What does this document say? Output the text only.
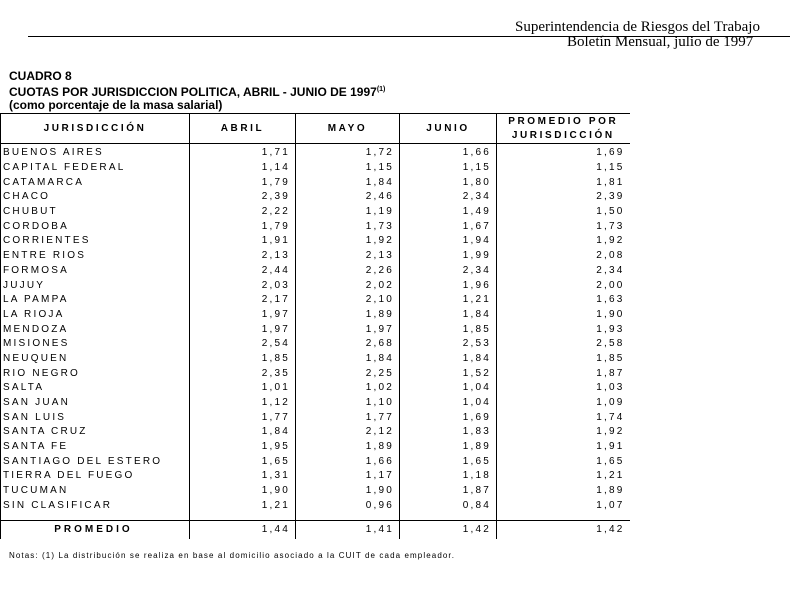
Superintendencia de Riesgos del Trabajo
Boletín Mensual, julio de 1997
CUADRO 8
CUOTAS POR JURISDICCION POLITICA, ABRIL - JUNIO DE 1997$^{(1)}$
(como porcentaje de la masa salarial)
JURISDICCIÓN	ABRIL	MAYO	JUNIO	PROMEDIO POR
JURISDICCIÓN
BUENOS AIRES	1,71	1,72	1,66	1,69
CAPITAL FEDERAL	1,14	1,15	1,15	1,15
CATAMARCA	1,79	1,84	1,80	1,81
CHACO	2,39	2,46	2,34	2,39
CHUBUT	2,22	1,19	1,49	1,50
CORDOBA	1,79	1,73	1,67	1,73
CORRIENTES	1,91	1,92	1,94	1,92
ENTRE RIOS	2,13	2,13	1,99	2,08
FORMOSA	2,44	2,26	2,34	2,34
JUJUY	2,03	2,02	1,96	2,00
LA PAMPA	2,17	2,10	1,21	1,63
LA RIOJA	1,97	1,89	1,84	1,90
MENDOZA	1,97	1,97	1,85	1,93
MISIONES	2,54	2,68	2,53	2,58
NEUQUEN	1,85	1,84	1,84	1,85
RIO NEGRO	2,35	2,25	1,52	1,87
SALTA	1,01	1,02	1,04	1,03
SAN JUAN	1,12	1,10	1,04	1,09
SAN LUIS	1,77	1,77	1,69	1,74
SANTA CRUZ	1,84	2,12	1,83	1,92
SANTA FE	1,95	1,89	1,89	1,91
SANTIAGO DEL ESTERO	1,65	1,66	1,65	1,65
TIERRA DEL FUEGO	1,31	1,17	1,18	1,21
TUCUMAN	1,90	1,90	1,87	1,89
SIN CLASIFICAR	1,21	0,96	0,84	1,07

PROMEDIO	1,44	1,41	1,42	1,42
Notas: (1) La distribución se realiza en base al domicilio asociado a la CUIT de cada empleador.
